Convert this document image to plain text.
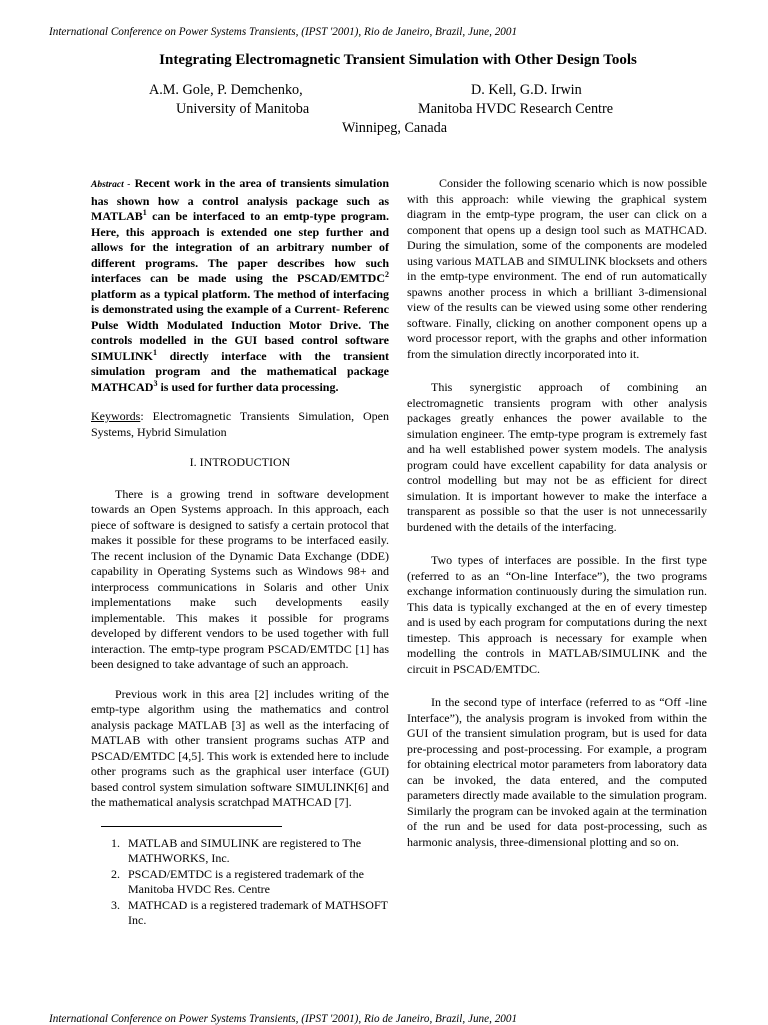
International Conference on Power Systems Transients, (IPST '2001), Rio de Janeiro, Brazil, June, 2001
Integrating Electromagnetic Transient Simulation with Other Design Tools
A.M. Gole, P. Demchenko,
University of Manitoba
D. Kell, G.D. Irwin
Manitoba HVDC Research Centre
Winnipeg, Canada

Abstract - Recent work in the area of transients simulation has shown how a control analysis package such as MATLAB$^1$ can be interfaced to an emtp-type program. Here, this approach is extended one step further and allows for the integration of an arbitrary number of different programs. The paper describes how such interfaces can be made using the PSCAD/EMTDC$^2$ platform as a typical platform. The method of interfacing is demonstrated using the example of a Current- Referenc Pulse Width Modulated Induction Motor Drive. The controls modelled in the GUI based control software SIMULINK$^1$ directly interface with the transient simulation program and the mathematical package MATHCAD$^3$ is used for further data processing.

Keywords: Electromagnetic Transients Simulation, Open Systems, Hybrid Simulation

I. INTRODUCTION

There is a growing trend in software development towards an Open Systems approach. In this approach, each piece of software is designed to satisfy a certain protocol that makes it possible for these programs to be interfaced easily. The recent inclusion of the Dynamic Data Exchange (DDE) capability in Operating Systems such as Windows 98+ and interprocess communications in Solaris and other Unix implementations make such developments easily implementable. This makes it possible for programs developed by different vendors to be used together with full interaction. The emtp-type program PSCAD/EMTDC [1] has been designed to take advantage of such an approach.

Previous work in this area [2] includes writing of the emtp-type algorithm using the mathematics and control analysis package MATLAB [3] as well as the interfacing of MATLAB with other transient programs suchas ATP and PSCAD/EMTDC [4,5]. This work is extended here to include other programs such as the graphical user interface (GUI) based control system simulation software SIMULINK[6] and the mathematical analysis scratchpad MATHCAD [7].

1. MATLAB and SIMULINK are registered to The MATHWORKS, Inc.
2. PSCAD/EMTDC is a registered trademark of the Manitoba HVDC Res. Centre
3. MATHCAD is a registered trademark of MATHSOFT Inc.

Consider the following scenario which is now possible with this approach: while viewing the graphical system diagram in the emtp-type program, the user can click on a component that opens up a design tool such as MATHCAD. During the simulation, some of the components are modeled using various MATLAB and SIMULINK blocksets and others in the emtp-type environment. The end of run automatically spawns another process in which a brilliant 3-dimensional view of the results can be viewed using some other rendering software. Finally, clicking on another component opens up a word processor report, with the graphs and other information from the simulation directly incorporated into it.

This synergistic approach of combining an electromagnetic transients program with other analysis packages greatly enhances the power available to the simulation engineer. The emtp-type program is extremely fast and ha well established power system models. The analysis program could have excellent capability for data analysis or control modelling but may not be as efficient for direct simulation. It is important however to make the interface a transparent as possible so that the user is not unnecessarily burdened with the details of the interfacing.

Two types of interfaces are possible. In the first type (referred to as an “On-line Interface”), the two programs exchange information continuously during the simulation run. This data is typically exchanged at the en of every timestep and is used by each program for computations during the next timestep. This approach is necessary for example when modelling the controls in MATLAB/SIMULINK and the circuit in PSCAD/EMTDC.

In the second type of interface (referred to as “Off -line Interface”), the analysis program is invoked from within the GUI of the transient simulation program, but is used for data pre-processing and post-processing. For example, a program for obtaining electrical motor parameters from laboratory data can be invoked, the data entered, and the computed parameters directly made available to the simulation program. Similarly the program can be invoked again at the termination of the run and be used for data post-processing, such as harmonic analysis, three-dimensional plotting and so on.

International Conference on Power Systems Transients, (IPST '2001), Rio de Janeiro, Brazil, June, 2001
